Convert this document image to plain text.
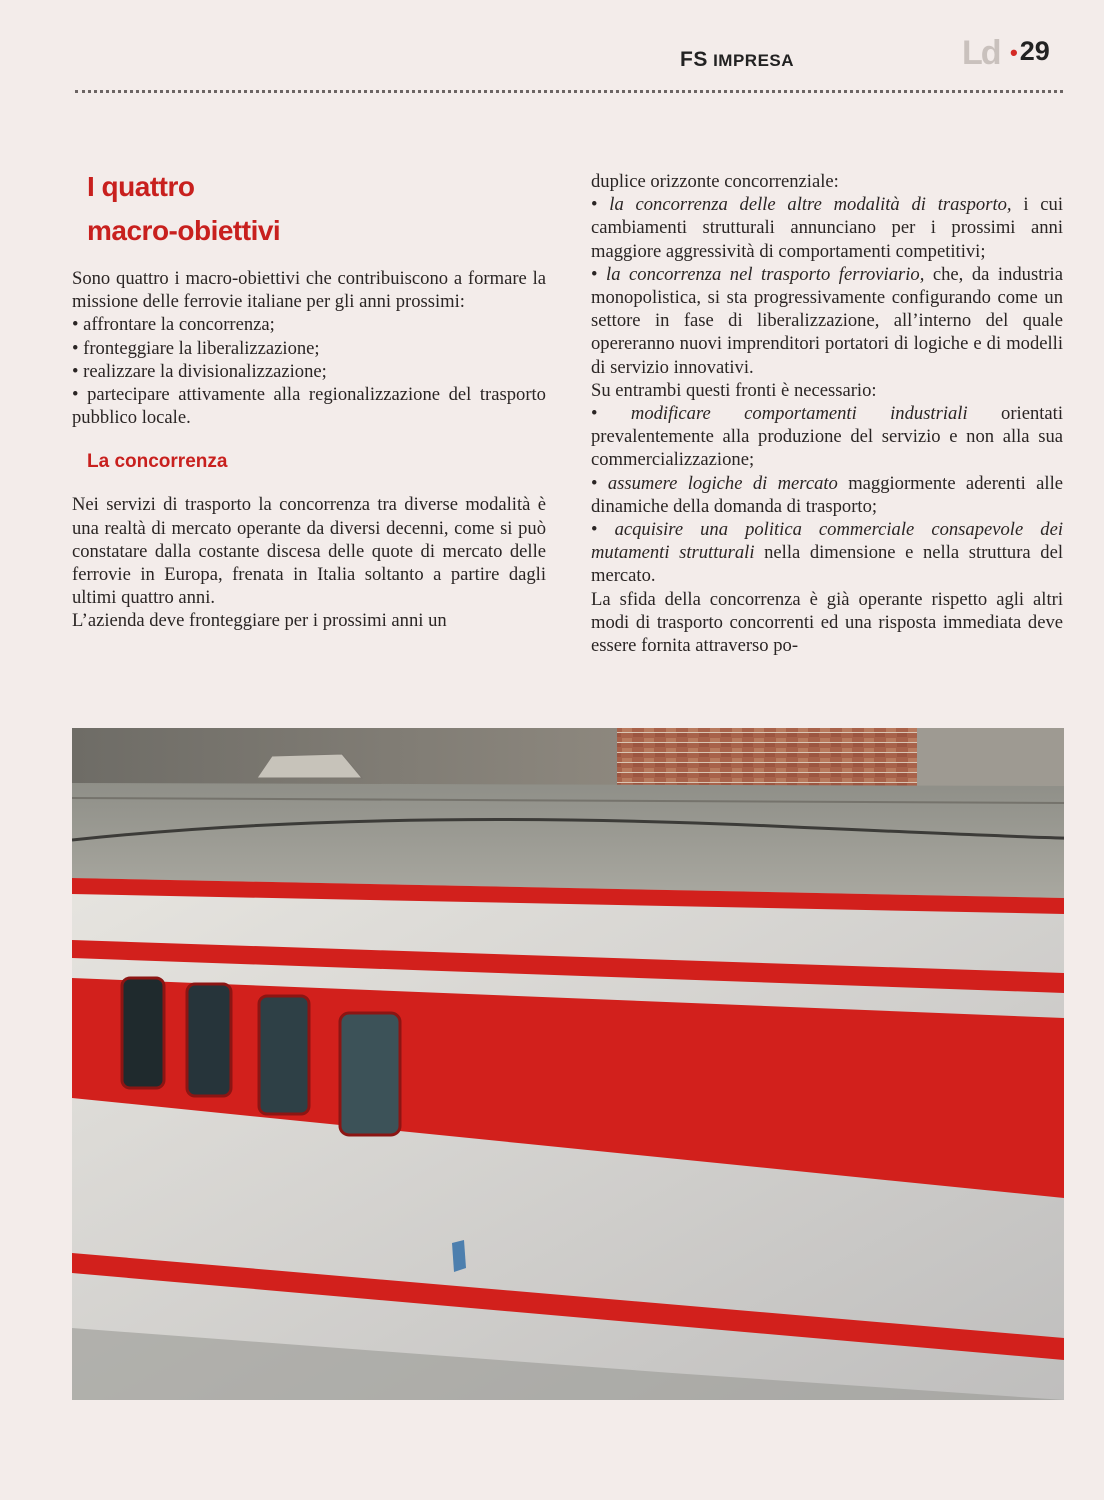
FS IMPRESA	Ld •29
I quattro
macro-obiettivi

Sono quattro i macro-obiettivi che contribuiscono a formare la missione delle ferrovie italiane per gli anni prossimi:

• affrontare la concorrenza;

• fronteggiare la liberalizzazione;

• realizzare la divisionalizzazione;

• partecipare attivamente alla regionalizzazione del trasporto pubblico locale.

La concorrenza

Nei servizi di trasporto la concorrenza tra diverse modalità è una realtà di mercato operante da diversi decenni, come si può constatare dalla costante discesa delle quote di mercato delle ferrovie in Europa, frenata in Italia soltanto a partire dagli ultimi quattro anni.

L’azienda deve fronteggiare per i prossimi anni un

duplice orizzonte concorrenziale:

• la concorrenza delle altre modalità di trasporto, i cui cambiamenti strutturali annunciano per i prossimi anni maggiore aggressività di comportamenti competitivi;

• la concorrenza nel trasporto ferroviario, che, da industria monopolistica, si sta progressivamente configurando come un settore in fase di liberalizzazione, all’interno del quale opereranno nuovi imprenditori portatori di logiche e di modelli di servizio innovativi.

Su entrambi questi fronti è necessario:

• modificare comportamenti industriali orientati prevalentemente alla produzione del servizio e non alla sua commercializzazione;

• assumere logiche di mercato maggiormente aderenti alle dinamiche della domanda di trasporto;

• acquisire una politica commerciale consapevole dei mutamenti strutturali nella dimensione e nella struttura del mercato.

La sfida della concorrenza è già operante rispetto agli altri modi di trasporto concorrenti ed una risposta immediata deve essere fornita attraverso po-
